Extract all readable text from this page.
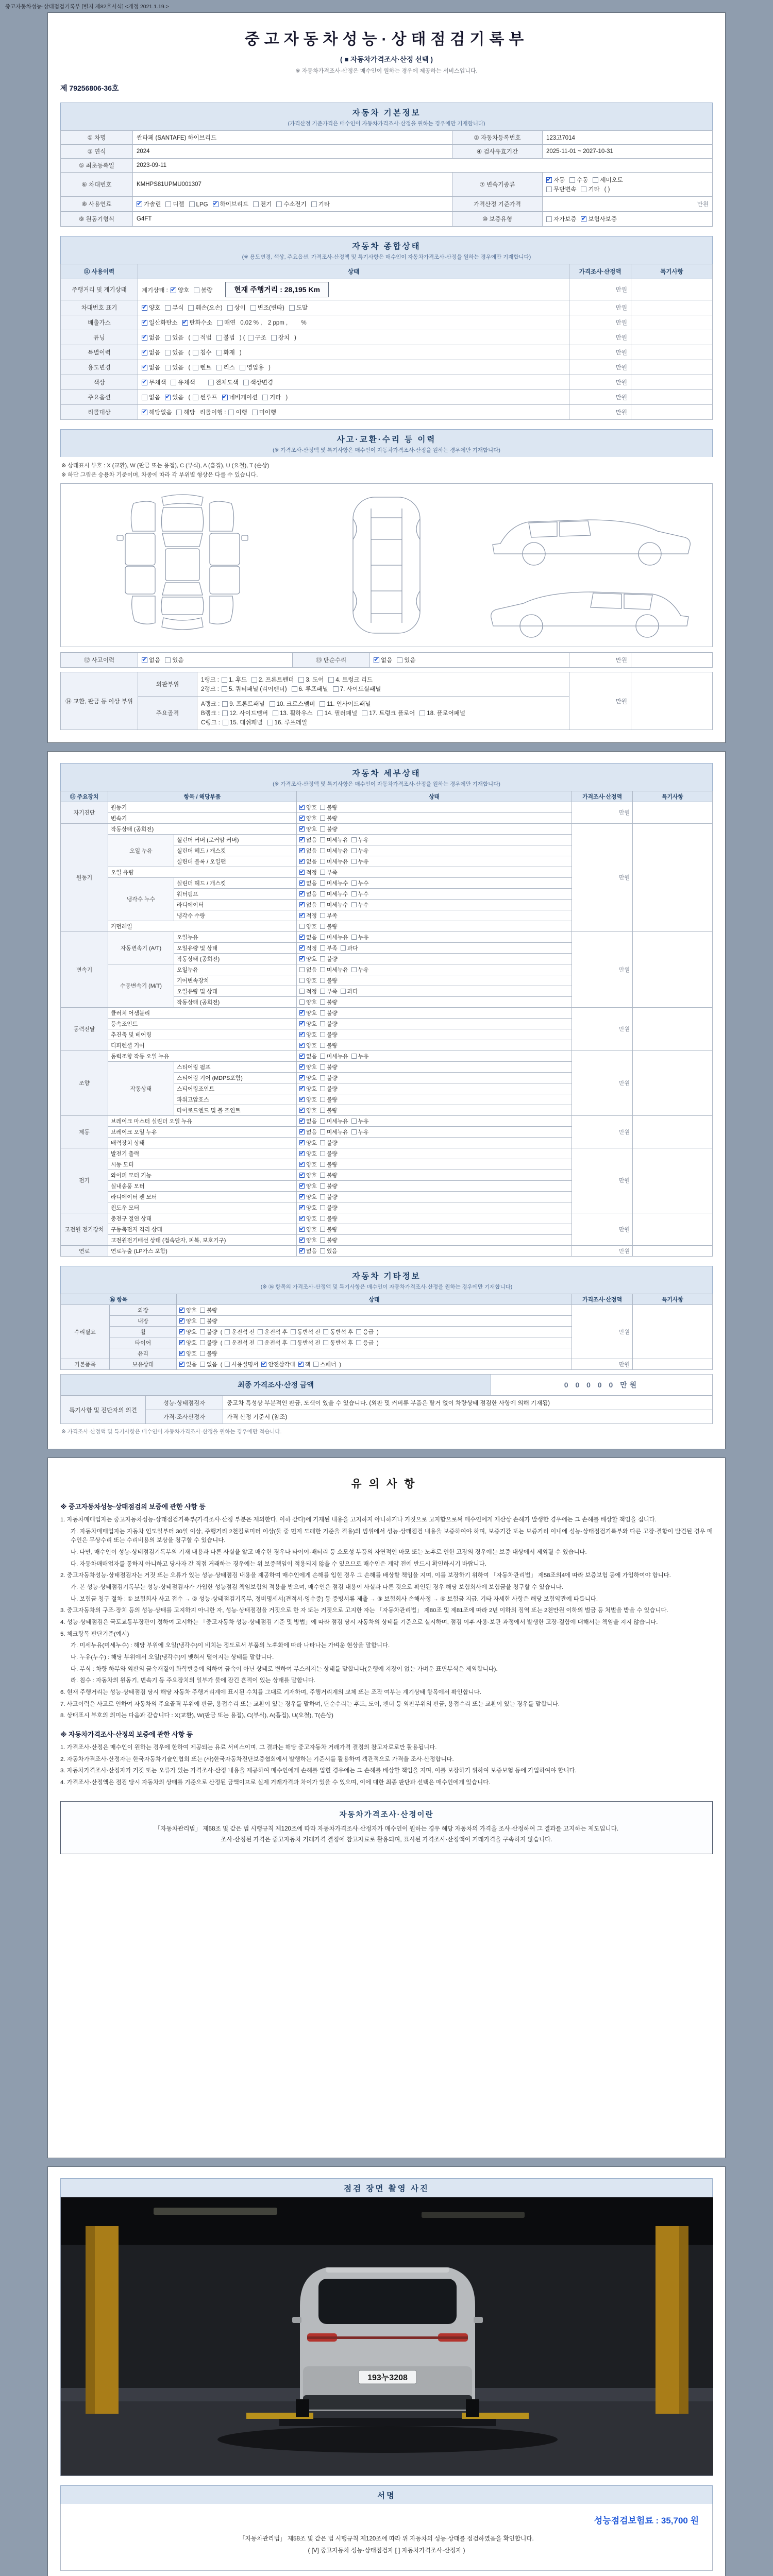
중고자동차성능·상태점검기록부 [별지 제82호서식] <개정 2021.1.19.>
중고자동차성능·상태점검기록부
( ■ 자동차가격조사·산정 선택 )
※ 자동차가격조사·산정은 매수인이 원하는 경우에 제공하는 서비스입니다.
제 79256806-36호
자동차 기본정보
(가격산정 기준가격은 매수인이 자동차가격조사·산정을 원하는 경우에만 기재합니다)
① 차명	싼타페 (SANTAFE) 하이브리드	② 자동차등록번호	123고7014
③ 연식	2024	④ 검사유효기간	2025-11-01 ~ 2027-10-31
⑤ 최초등록일	2023-09-11		
⑥ 차대번호	KMHPS81UPMU001307	⑦ 변속기종류	✔자동 수동 세미오토
무단변속 기타 ( )
⑧ 사용연료	✔가솔린 디젤 LPG ✔ 하이브리드 전기 수소전기 기타	가격산정 기준가격	만원
⑨ 원동기형식	G4FT	⑩ 보증유형	자가보증 ✔ 보험사보증
자동차 종합상태
(※ 용도변경, 색상, 주요옵션, 가격조사·산정액 및 특기사항은 매수인이 자동차가격조사·산정을 원하는 경우에만 기재합니다)
⑪ 사용이력	상태	가격조사·산정액	특기사항
주행거리 및 계기상태	계기상태 : ✔ 양호 불량 현재 주행거리 : 28,195 Km	만원	
차대번호 표기	✔양호 부식 훼손(오손) 상이 변조(변타) 도말	만원	
배출가스	✔일산화탄소 ✔ 탄화수소 매연 0.02 % ,　2 ppm ,　　 %	만원	
튜닝	✔없음 있음 ( 적법 불법 ) ( 구조 장치 )	만원	
특별이력	✔없음 있음 ( 침수 화재 )	만원	
용도변경	✔없음 있음 ( 렌트 리스 영업용 )	만원	
색상	✔무채색 유채색　 전체도색 색상변경	만원	
주요옵션	없음 ✔ 있음 ( 썬루프 ✔ 네비게이션 기타 )	만원	
리콜대상	✔해당없음 해당 리콜이행 : 이행 미이행	만원	
사고·교환·수리 등 이력
(※ 가격조사·산정액 및 특기사항은 매수인이 자동차가격조사·산정을 원하는 경우에만 기재합니다)
※ 상태표시 부호 : X (교환), W (판금 또는 용접), C (부식), A (흠집), U (요철), T (손상)
※ 하단 그림은 승용차 기준이며, 차종에 따라 각 부위별 형상은 다를 수 있습니다.
⑫ 사고이력	✔없음 있음	⑬ 단순수리	✔없음 있음	만원	
⑭ 교환, 판금 등 이상 부위	외판부위	1랭크 : 1. 후드 2. 프론트펜더 3. 도어 4. 트렁크 리드
2랭크 : 5. 쿼터패널 (리어펜더) 6. 루프패널 7. 사이드실패널	만원	
	주요골격	A랭크 : 9. 프론트패널 10. 크로스멤버 11. 인사이드패널
B랭크 : 12. 사이드멤버 13. 휠하우스 14. 필러패널 17. 트렁크 플로어 18. 플로어패널
C랭크 : 15. 대쉬패널 16. 루프레일		
자동차 세부상태
(※ 가격조사·산정액 및 특기사항은 매수인이 자동차가격조사·산정을 원하는 경우에만 기재합니다)
⑮ 주요장치	항목 / 해당부품		상태	가격조사·산정액	특기사항
자기진단	원동기	✔양호 불량	만원	
	변속기	✔양호 불량
원동기	작동상태 (공회전)	✔양호 불량	만원	
	오일 누유	실린더 커버 (로커암 커버)	✔없음 미세누유 누유
		실린더 헤드 / 개스킷	✔없음 미세누유 누유
		실린더 블록 / 오일팬	✔없음 미세누유 누유
	오일 유량	✔적정 부족
	냉각수 누수	실린더 헤드 / 개스킷	✔없음 미세누수 누수
		워터펌프	✔없음 미세누수 누수
		라디에이터	✔없음 미세누수 누수
		냉각수 수량	✔적정 부족
	커먼레일		양호 불량		
변속기	자동변속기 (A/T)	오일누유	✔없음 미세누유 누유	만원	
		오일유량 및 상태	✔적정 부족 과다
		작동상태 (공회전)	✔양호 불량
	수동변속기 (M/T)	오일누유	없음 미세누유 누유		
		기어변속장치	양호 불량		
		오일유량 및 상태	적정 부족 과다		
		작동상태 (공회전)	양호 불량		
동력전달	클러치 어셈블리	✔양호 불량	만원	
	등속조인트	✔양호 불량
	추진축 및 베어링	✔양호 불량
	디퍼렌셜 기어	✔양호 불량
조향	동력조향 작동 오일 누유	✔없음 미세누유 누유	만원	
	작동상태	스티어링 펌프	✔양호 불량
		스티어링 기어 (MDPS포함)	✔양호 불량
		스티어링조인트	✔양호 불량
		파워고압호스	✔양호 불량
		타이로드엔드 및 볼 조인트	✔양호 불량
제동	브레이크 마스터 실린더 오일 누유	✔없음 미세누유 누유	만원	
	브레이크 오일 누유	✔없음 미세누유 누유
	배력장치 상태	✔양호 불량
전기	발전기 출력	✔양호 불량	만원	
	시동 모터	✔양호 불량
	와이퍼 모터 기능	✔양호 불량
	실내송풍 모터	✔양호 불량
	라디에이터 팬 모터	✔양호 불량
	윈도우 모터	✔양호 불량
고전원 전기장치	충전구 절연 상태	✔양호 불량	만원	
	구동축전지 격리 상태	✔양호 불량
	고전원전기배선 상태 (접속단자, 피복, 보호기구)	✔양호 불량
연료	연료누출 (LP가스 포함)	✔없음 있음	만원	
자동차 기타정보
(※ ⑯ 항목의 가격조사·산정액 및 특기사항은 매수인이 자동차가격조사·산정을 원하는 경우에만 기재합니다)
⑯ 항목		상태	가격조사·산정액	특기사항
수리필요	외장	✔양호 불량	만원	
	내장	✔양호 불량
	휠	✔양호 불량 ( 운전석 전 운전석 후 동반석 전 동반석 후 응급 )
	타이어	✔양호 불량 ( 운전석 전 운전석 후 동반석 전 동반석 후 응급 )
	유리	✔양호 불량
기본품목	보유상태	✔있음 없음 ( 사용설명서 ✔ 안전삼각대 ✔ 잭 스패너 )	만원	
최종 가격조사·산정 금액	0 0 0 0 0 만원
특기사항 및 진단자의 의견	성능·상태점검자	중고차 특성상 부분적인 판금, 도색이 있을 수 있습니다. (외판 및 커버류 부품은 탈거 없이 차량상태 점검한 사항에 의해 기재됨)
	가격·조사산정자	가격 산정 기준서 (참조)
※ 가격조사·산정액 및 특기사항은 매수인이 자동차가격조사·산정을 원하는 경우에만 적습니다.
유의사항
※ 중고자동차성능·상태점검의 보증에 관한 사항 등

1. 자동차매매업자는 중고자동차성능·상태점검기록부(가격조사·산정 부분은 제외한다. 이하 같다)에 기재된 내용을 고지하지 아니하거나 거짓으로 고지함으로써 매수인에게 재산상 손해가 발생한 경우에는 그 손해를 배상할 책임을 집니다.

가. 자동차매매업자는 자동차 인도일부터 30일 이상, 주행거리 2천킬로미터 이상(둘 중 먼저 도래한 기준을 적용)의 범위에서 성능·상태점검 내용을 보증하여야 하며, 보증기간 또는 보증거리 이내에 성능·상태점검기록부와 다른 고장·결함이 발견된 경우 매수인은 무상수리 또는 수리비용의 보상을 청구할 수 있습니다.

나. 다만, 매수인이 성능·상태점검기록부의 기재 내용과 다른 사실을 알고 매수한 경우나 타이어·배터리 등 소모성 부품의 자연적인 마모 또는 노후로 인한 고장의 경우에는 보증 대상에서 제외될 수 있습니다.

다. 자동차매매업자를 통하지 아니하고 당사자 간 직접 거래하는 경우에는 위 보증책임이 적용되지 않을 수 있으므로 매수인은 계약 전에 반드시 확인하시기 바랍니다.

2. 중고자동차성능·상태점검자는 거짓 또는 오류가 있는 성능·상태점검 내용을 제공하여 매수인에게 손해를 입힌 경우 그 손해를 배상할 책임을 지며, 이를 보장하기 위하여 「자동차관리법」 제58조의4에 따라 보증보험 등에 가입하여야 합니다.

가. 본 성능·상태점검기록부는 성능·상태점검자가 가입한 성능점검 책임보험의 적용을 받으며, 매수인은 점검 내용이 사실과 다른 것으로 확인된 경우 해당 보험회사에 보험금을 청구할 수 있습니다.

나. 보험금 청구 절차 : ① 보험회사 사고 접수 → ② 성능·상태점검기록부, 정비명세서(견적서·영수증) 등 증빙서류 제출 → ③ 보험회사 손해사정 → ④ 보험금 지급. 기타 자세한 사항은 해당 보험약관에 따릅니다.

3. 중고자동차의 구조·장치 등의 성능·상태를 고지하지 아니한 자, 성능·상태점검을 거짓으로 한 자 또는 거짓으로 고지한 자는 「자동차관리법」 제80조 및 제81조에 따라 2년 이하의 징역 또는 2천만원 이하의 벌금 등 처벌을 받을 수 있습니다.

4. 성능·상태점검은 국토교통부장관이 정하여 고시하는 「중고자동차 성능·상태점검 기준 및 방법」에 따라 점검 당시 자동차의 상태를 기준으로 실시하며, 점검 이후 사용·보관 과정에서 발생한 고장·결함에 대해서는 책임을 지지 않습니다.

5. 체크항목 판단기준(예시)

가. 미세누유(미세누수) : 해당 부위에 오일(냉각수)이 비치는 정도로서 부품의 노후화에 따라 나타나는 가벼운 현상을 말합니다.

나. 누유(누수) : 해당 부위에서 오일(냉각수)이 맺혀서 떨어지는 상태를 말합니다.

다. 부식 : 차량 하부와 외판의 금속재질이 화학반응에 의하여 금속이 아닌 상태로 변하여 부스러지는 상태를 말합니다(운행에 지장이 없는 가벼운 표면부식은 제외합니다).

라. 침수 : 자동차의 원동기, 변속기 등 주요장치의 일부가 물에 잠긴 흔적이 있는 상태를 말합니다.

6. 현재 주행거리는 성능·상태점검 당시 해당 자동차 주행거리계에 표시된 수치를 그대로 기재하며, 주행거리계의 교체 또는 조작 여부는 계기상태 항목에서 확인합니다.

7. 사고이력은 사고로 인하여 자동차의 주요골격 부위에 판금, 용접수리 또는 교환이 있는 경우를 말하며, 단순수리는 후드, 도어, 펜더 등 외판부위의 판금, 용접수리 또는 교환이 있는 경우를 말합니다.

8. 상태표시 부호의 의미는 다음과 같습니다 : X(교환), W(판금 또는 용접), C(부식), A(흠집), U(요철), T(손상)

※ 자동차가격조사·산정의 보증에 관한 사항 등

1. 가격조사·산정은 매수인이 원하는 경우에 한하여 제공되는 유료 서비스이며, 그 결과는 해당 중고자동차 거래가격 결정의 참고자료로만 활용됩니다.

2. 자동차가격조사·산정자는 한국자동차기술인협회 또는 (사)한국자동차진단보증협회에서 발행하는 기준서를 활용하여 객관적으로 가격을 조사·산정합니다.

3. 자동차가격조사·산정자가 거짓 또는 오류가 있는 가격조사·산정 내용을 제공하여 매수인에게 손해를 입힌 경우에는 그 손해를 배상할 책임을 지며, 이를 보장하기 위하여 보증보험 등에 가입하여야 합니다.

4. 가격조사·산정액은 점검 당시 자동차의 상태를 기준으로 산정된 금액이므로 실제 거래가격과 차이가 있을 수 있으며, 이에 대한 최종 판단과 선택은 매수인에게 있습니다.

자동차가격조사·산정이란

「자동차관리법」 제58조 및 같은 법 시행규칙 제120조에 따라 자동차가격조사·산정자가 매수인이 원하는 경우 해당 자동차의 가격을 조사·산정하여 그 결과를 고지하는 제도입니다.

조사·산정된 가격은 중고자동차 거래가격 결정에 참고자료로 활용되며, 표시된 가격조사·산정액이 거래가격을 구속하지 않습니다.

점검 장면 촬영 사진
193누3208
서명
성능점검보험료 : 35,700 원
「자동차관리법」 제58조 및 같은 법 시행규칙 제120조에 따라 위 자동차의 성능·상태를 점검하였음을 확인합니다.
( [V] 중고자동차 성능·상태점검자 [ ] 자동차가격조사·산정자 )
